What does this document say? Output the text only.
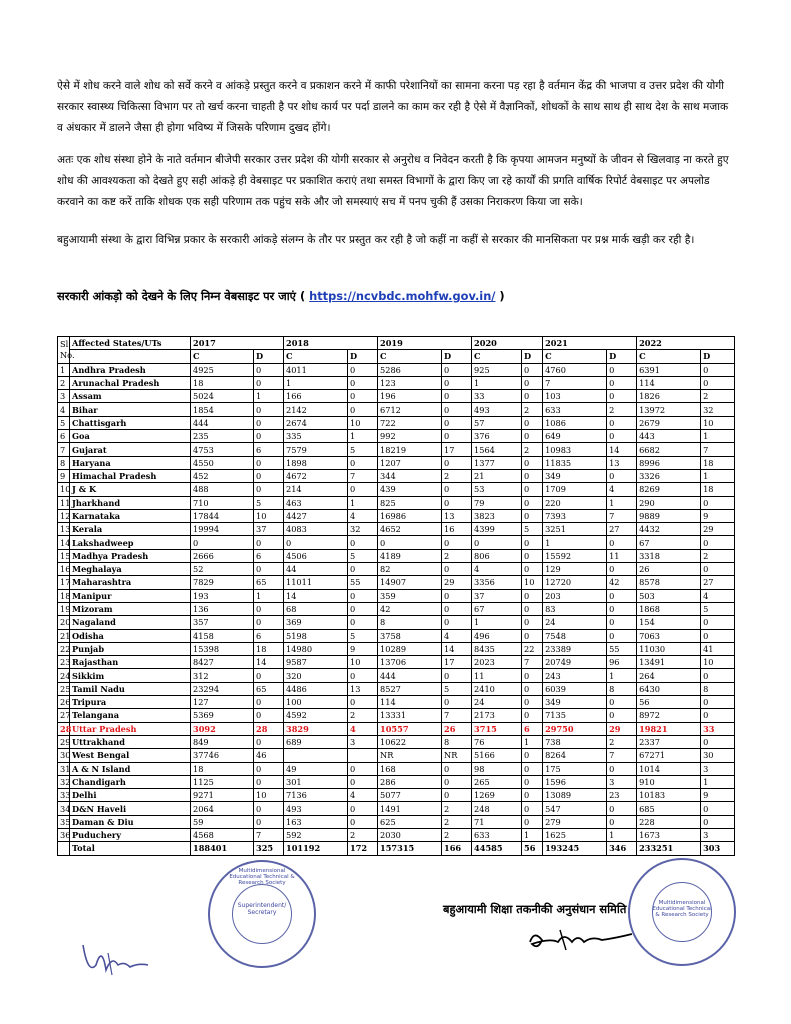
ऐसे में शोध करने वाले शोध को सर्वे करने व आंकड़े प्रस्तुत करने व प्रकाशन करने में काफी परेशानियों का सामना करना पड़ रहा है वर्तमान केंद्र की भाजपा व उत्तर प्रदेश की योगी सरकार स्वास्थ्य चिकित्सा विभाग पर तो खर्च करना चाहती है पर शोध कार्य पर पर्दा डालने का काम कर रही है ऐसे में वैज्ञानिकों, शोधकों के साथ साथ ही साथ देश के साथ मजाक व अंधकार में डालने जैसा ही होगा भविष्य में जिसके परिणाम दुखद होंगे।
अतः एक शोध संस्था होने के नाते वर्तमान बीजेपी सरकार उत्तर प्रदेश की योगी सरकार से अनुरोध व निवेदन करती है कि कृपया आमजन मनुष्यों के जीवन से खिलवाड़ ना करते हुए शोध की आवश्यकता को देखते हुए सही आंकड़े ही वेबसाइट पर प्रकाशित कराएं तथा समस्त विभागों के द्वारा किए जा रहे कार्यों की प्रगति वार्षिक रिपोर्ट वेबसाइट पर अपलोड करवाने का कष्ट करें ताकि शोधक एक सही परिणाम तक पहुंच सके और जो समस्याएं सच में पनप चुकी हैं उसका निराकरण किया जा सके।
बहुआयामी संस्था के द्वारा विभिन्न प्रकार के सरकारी आंकड़े संलग्न के तौर पर प्रस्तुत कर रही है जो कहीं ना कहीं से सरकार की मानसिकता पर प्रश्न मार्क खड़ी कर रही है।
सरकारी आंकड़ो को देखने के लिए निम्न वेबसाइट पर जाएं ( https://ncvbdc.mohfw.gov.in/ )
Sl. No.	Affected States/UTs	2017		2018		2019		2020		2021		2022	
		C	D	C	D	C	D	C	D	C	D	C	D
1	Andhra Pradesh	4925	0	4011	0	5286	0	925	0	4760	0	6391	0
2	Arunachal Pradesh	18	0	1	0	123	0	1	0	7	0	114	0
3	Assam	5024	1	166	0	196	0	33	0	103	0	1826	2
4	Bihar	1854	0	2142	0	6712	0	493	2	633	2	13972	32
5	Chattisgarh	444	0	2674	10	722	0	57	0	1086	0	2679	10
6	Goa	235	0	335	1	992	0	376	0	649	0	443	1
7	Gujarat	4753	6	7579	5	18219	17	1564	2	10983	14	6682	7
8	Haryana	4550	0	1898	0	1207	0	1377	0	11835	13	8996	18
9	Himachal Pradesh	452	0	4672	7	344	2	21	0	349	0	3326	1
10	J & K	488	0	214	0	439	0	53	0	1709	4	8269	18
11	Jharkhand	710	5	463	1	825	0	79	0	220	1	290	0
12	Karnataka	17844	10	4427	4	16986	13	3823	0	7393	7	9889	9
13	Kerala	19994	37	4083	32	4652	16	4399	5	3251	27	4432	29
14	Lakshadweep	0	0	0	0	0	0	0	0	1	0	67	0
15	Madhya Pradesh	2666	6	4506	5	4189	2	806	0	15592	11	3318	2
16	Meghalaya	52	0	44	0	82	0	4	0	129	0	26	0
17	Maharashtra	7829	65	11011	55	14907	29	3356	10	12720	42	8578	27
18	Manipur	193	1	14	0	359	0	37	0	203	0	503	4
19	Mizoram	136	0	68	0	42	0	67	0	83	0	1868	5
20	Nagaland	357	0	369	0	8	0	1	0	24	0	154	0
21	Odisha	4158	6	5198	5	3758	4	496	0	7548	0	7063	0
22	Punjab	15398	18	14980	9	10289	14	8435	22	23389	55	11030	41
23	Rajasthan	8427	14	9587	10	13706	17	2023	7	20749	96	13491	10
24	Sikkim	312	0	320	0	444	0	11	0	243	1	264	0
25	Tamil Nadu	23294	65	4486	13	8527	5	2410	0	6039	8	6430	8
26	Tripura	127	0	100	0	114	0	24	0	349	0	56	0
27	Telangana	5369	0	4592	2	13331	7	2173	0	7135	0	8972	0
28	Uttar Pradesh	3092	28	3829	4	10557	26	3715	6	29750	29	19821	33
29	Uttrakhand	849	0	689	3	10622	8	76	1	738	2	2337	0
30	West Bengal	37746	46			NR	NR	5166	0	8264	7	67271	30
31	A & N Island	18	0	49	0	168	0	98	0	175	0	1014	3
32	Chandigarh	1125	0	301	0	286	0	265	0	1596	3	910	1
33	Delhi	9271	10	7136	4	5077	0	1269	0	13089	23	10183	9
34	D&N Haveli	2064	0	493	0	1491	2	248	0	547	0	685	0
35	Daman & Diu	59	0	163	0	625	2	71	0	279	0	228	0
36	Puduchery	4568	7	592	2	2030	2	633	1	1625	1	1673	3
	Total	188401	325	101192	172	157315	166	44585	56	193245	346	233251	303
Multidimensional Educational Technical & Research Society
Superintendent/ Secretary
Multidimensional Educational Technical & Research Society
बहुआयामी शिक्षा तकनीकी अनुसंधान समिति
